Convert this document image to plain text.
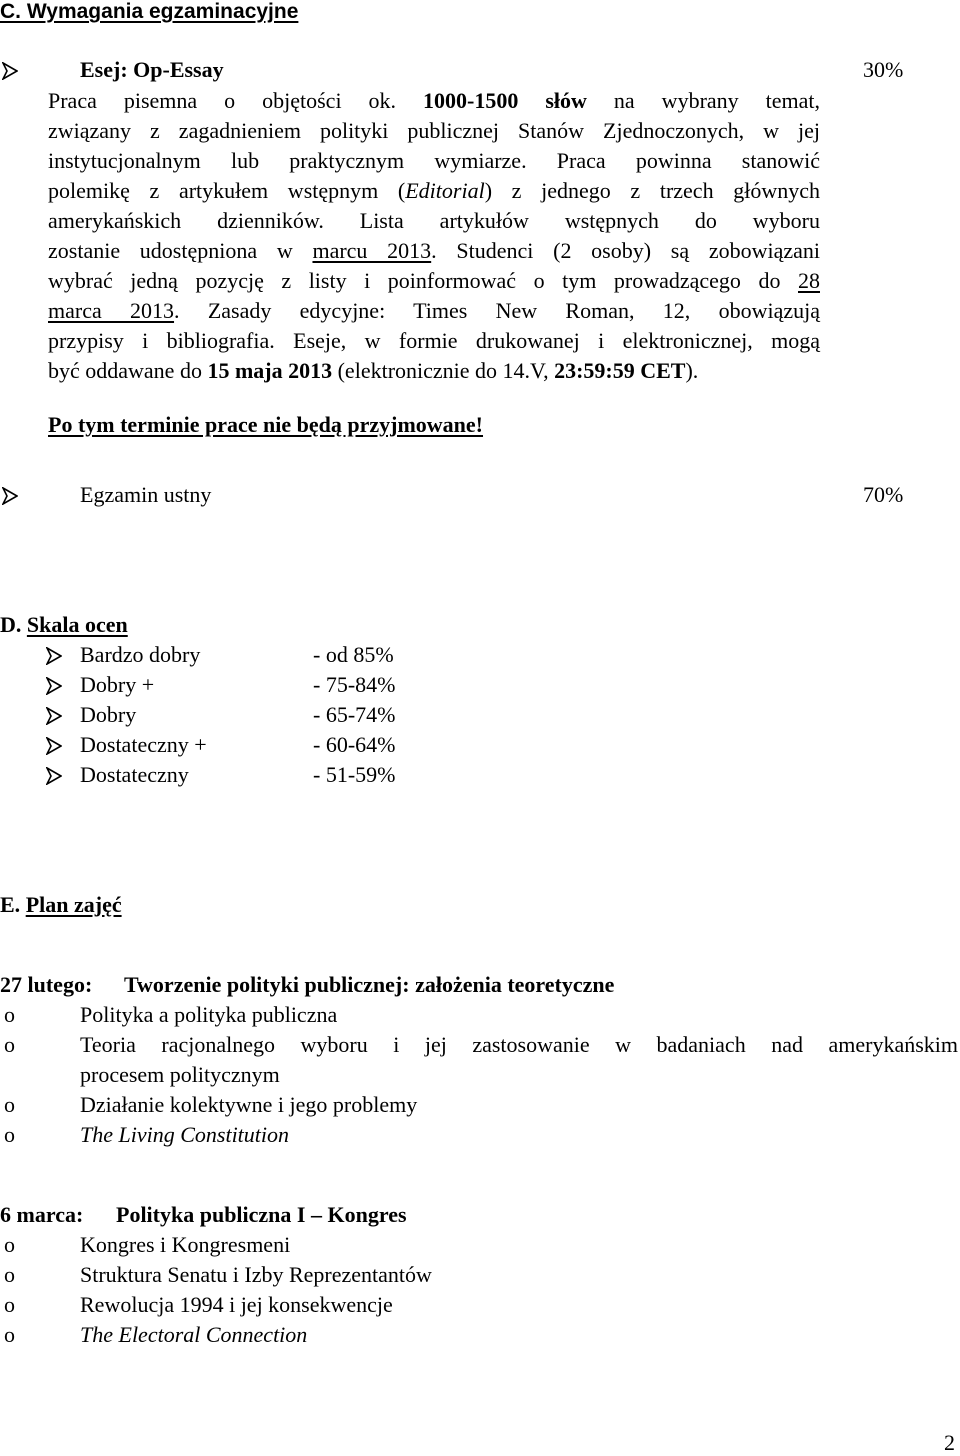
C. Wymagania egzaminacyjne
Esej: Op-Essay	30%
Praca pisemna o objętości ok. 1000-1500 słów na wybrany temat,
związany z zagadnieniem polityki publicznej Stanów Zjednoczonych, w jej
instytucjonalnym lub praktycznym wymiarze. Praca powinna stanowić
polemikę z artykułem wstępnym (Editorial) z jednego z trzech głównych
amerykańskich dzienników. Lista artykułów wstępnych do wyboru
zostanie udostępniona w marcu 2013. Studenci (2 osoby) są zobowiązani
wybrać jedną pozycję z listy i poinformować o tym prowadzącego do 28
marca 2013. Zasady edycyjne: Times New Roman, 12, obowiązują
przypisy i bibliografia. Eseje, w formie drukowanej i elektronicznej, mogą
być oddawane do 15 maja 2013 (elektronicznie do 14.V, 23:59:59 CET).
Po tym terminie prace nie będą przyjmowane!
Egzamin ustny	70%
D. Skala ocen
Bardzo dobry	- od 85%
Dobry +	- 75-84%
Dobry	- 65-74%
Dostateczny +	- 60-64%
Dostateczny	- 51-59%
E. Plan zajęć
27 lutego: Tworzenie polityki publicznej: założenia teoretyczne
o	Polityka a polityka publiczna
o	Teoria racjonalnego wyboru i jej zastosowanie w badaniach nad amerykańskim
procesem politycznym
o	Działanie kolektywne i jego problemy
o	The Living Constitution
6 marca: Polityka publiczna I – Kongres
o	Kongres i Kongresmeni
o	Struktura Senatu i Izby Reprezentantów
o	Rewolucja 1994 i jej konsekwencje
o	The Electoral Connection
2
